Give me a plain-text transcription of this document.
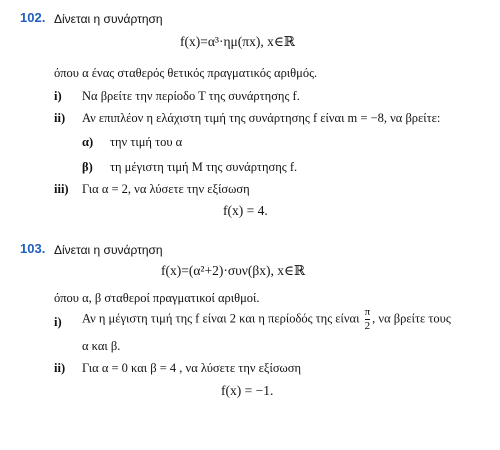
102. Δίνεται η συνάρτηση
f(x)=α³·ημ(πx), x∈ℝ
όπου α ένας σταθερός θετικός πραγματικός αριθμός.
i) Να βρείτε την περίοδο Τ της συνάρτησης f.
ii) Αν επιπλέον η ελάχιστη τιμή της συνάρτησης f είναι m = −8, να βρείτε:
α) την τιμή του α
β) τη μέγιστη τιμή Μ της συνάρτησης f.
iii) Για α = 2, να λύσετε την εξίσωση
f(x) = 4.
103. Δίνεται η συνάρτηση
f(x)=(α²+2)·συν(βx), x∈ℝ
όπου α, β σταθεροί πραγματικοί αριθμοί.
i) Αν η μέγιστη τιμή της f είναι 2 και η περίοδός της είναι $\frac{\pi}{2}$ , να βρείτε τους
α και β.
ii) Για α = 0 και β = 4 , να λύσετε την εξίσωση
f(x) = −1.
